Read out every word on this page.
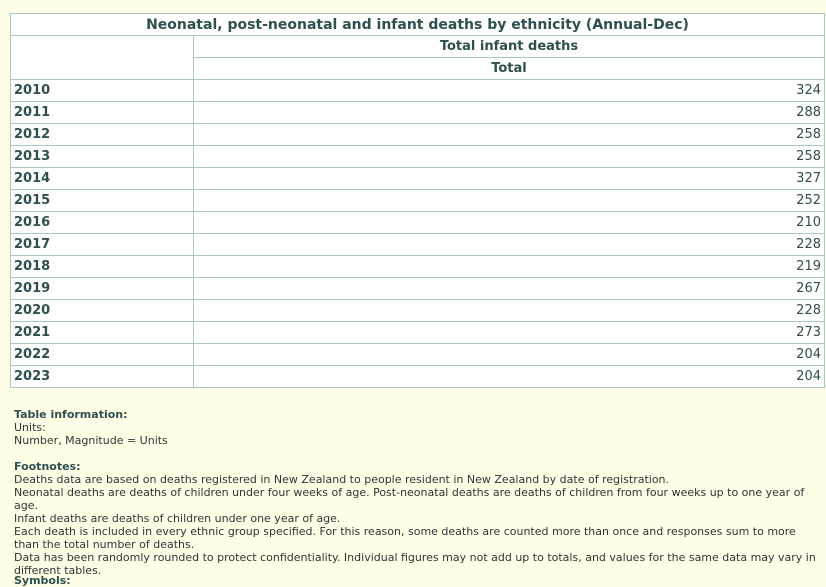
Neonatal, post-neonatal and infant deaths by ethnicity (Annual-Dec)	
	Total infant deaths
	Total
2010	324
2011	288
2012	258
2013	258
2014	327
2015	252
2016	210
2017	228
2018	219
2019	267
2020	228
2021	273
2022	204
2023	204
Table information:
Units:
Number, Magnitude = Units
Footnotes:
Deaths data are based on deaths registered in New Zealand to people resident in New Zealand by date of registration.
Neonatal deaths are deaths of children under four weeks of age. Post-neonatal deaths are deaths of children from four weeks up to one year of age.
Infant deaths are deaths of children under one year of age.
Each death is included in every ethnic group specified. For this reason, some deaths are counted more than once and responses sum to more than the total number of deaths.
Data has been randomly rounded to protect confidentiality. Individual figures may not add up to totals, and values for the same data may vary in different tables.
Symbols:
